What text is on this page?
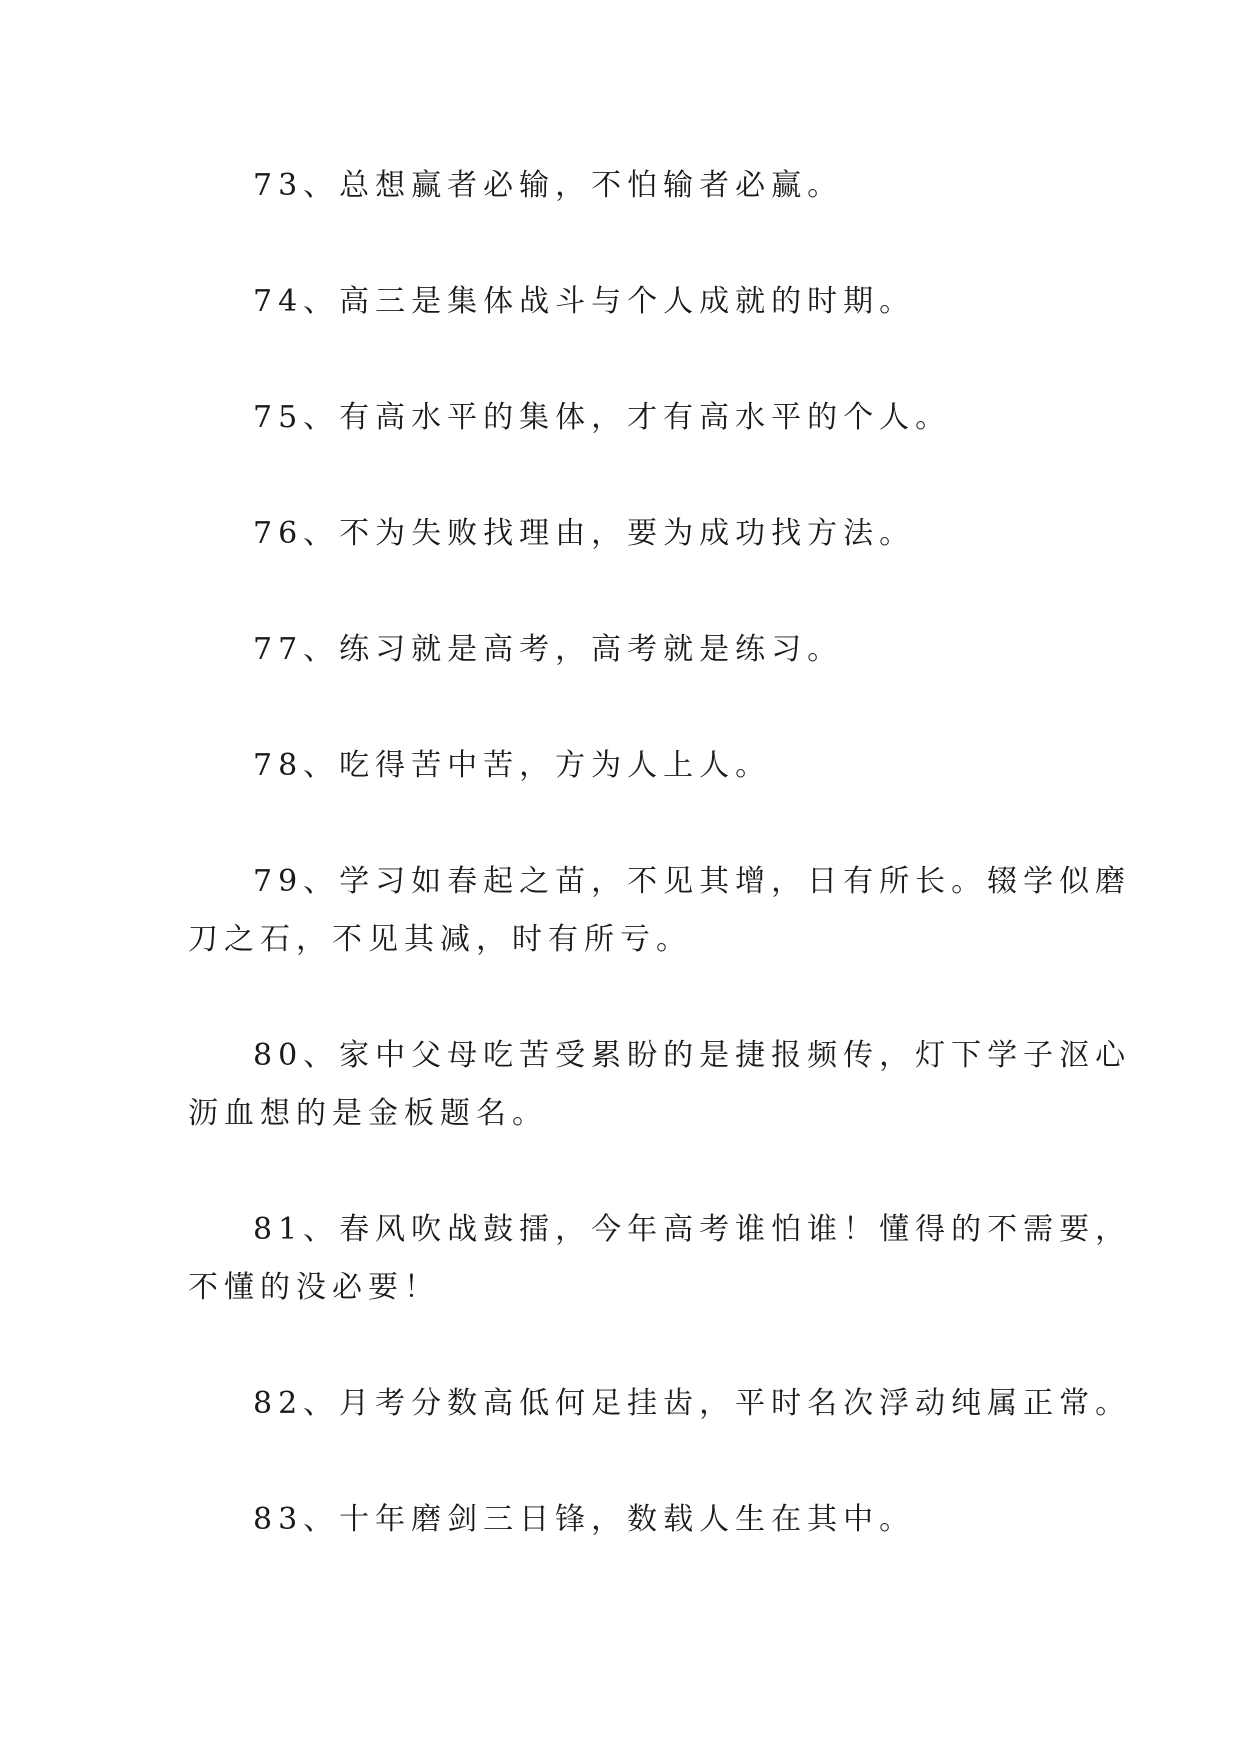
73、总想赢者必输，不怕输者必赢。

74、高三是集体战斗与个人成就的时期。

75、有高水平的集体，才有高水平的个人。

76、不为失败找理由，要为成功找方法。

77、练习就是高考，高考就是练习。

78、吃得苦中苦，方为人上人。

79、学习如春起之苗，不见其增，日有所长。辍学似磨
刀之石，不见其减，时有所亏。

80、家中父母吃苦受累盼的是捷报频传，灯下学子沤心
沥血想的是金板题名。

81、春风吹战鼓擂，今年高考谁怕谁！懂得的不需要，
不懂的没必要！

82、月考分数高低何足挂齿，平时名次浮动纯属正常。

83、十年磨剑三日锋，数载人生在其中。
